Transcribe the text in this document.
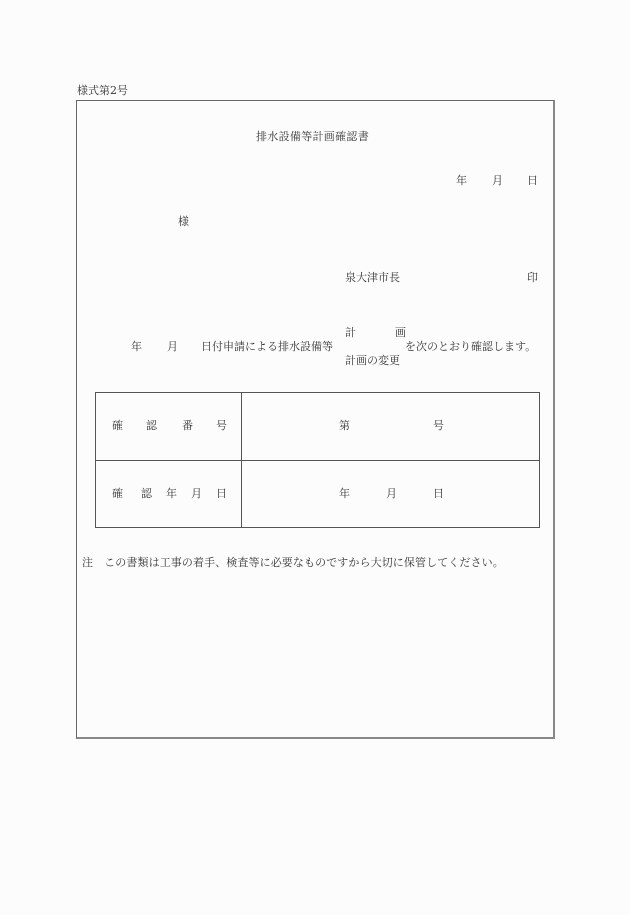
様式第2号
排水設備等計画確認書
年 月 日
様
泉大津市長	印
年 月 日付申請による排水設備等
計	画
計画の変更
を次のとおり確認します。
確 認 番 号	第	号
確 認 年 月 日	年	月	日
注　この書類は工事の着手、検査等に必要なものですから大切に保管してください。
